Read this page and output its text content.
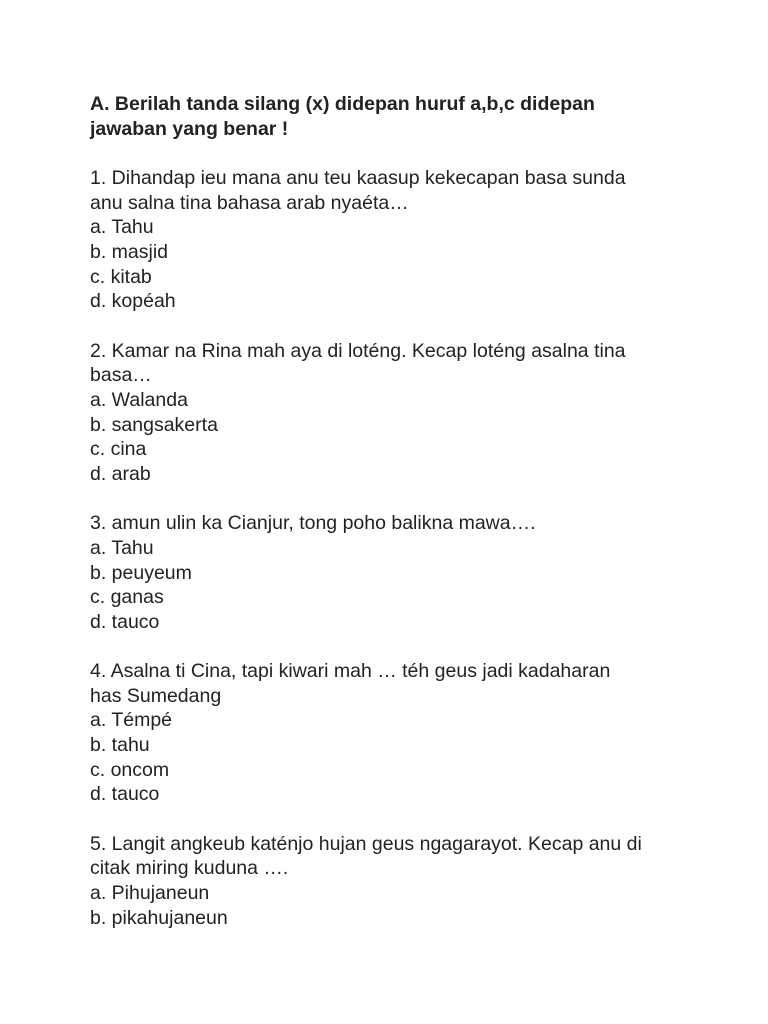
A. Berilah tanda silang (x) didepan huruf a,b,c didepan
jawaban yang benar !
1. Dihandap ieu mana anu teu kaasup kekecapan basa sunda
anu salna tina bahasa arab nyaéta…
a. Tahu
b. masjid
c. kitab
d. kopéah
2. Kamar na Rina mah aya di loténg. Kecap loténg asalna tina
basa…
a. Walanda
b. sangsakerta
c. cina
d. arab
3. amun ulin ka Cianjur, tong poho balikna mawa….
a. Tahu
b. peuyeum
c. ganas
d. tauco
4. Asalna ti Cina, tapi kiwari mah … téh geus jadi kadaharan
has Sumedang
a. Témpé
b. tahu
c. oncom
d. tauco
5. Langit angkeub katénjo hujan geus ngagarayot. Kecap anu di
citak miring kuduna ….
a. Pihujaneun
b. pikahujaneun
